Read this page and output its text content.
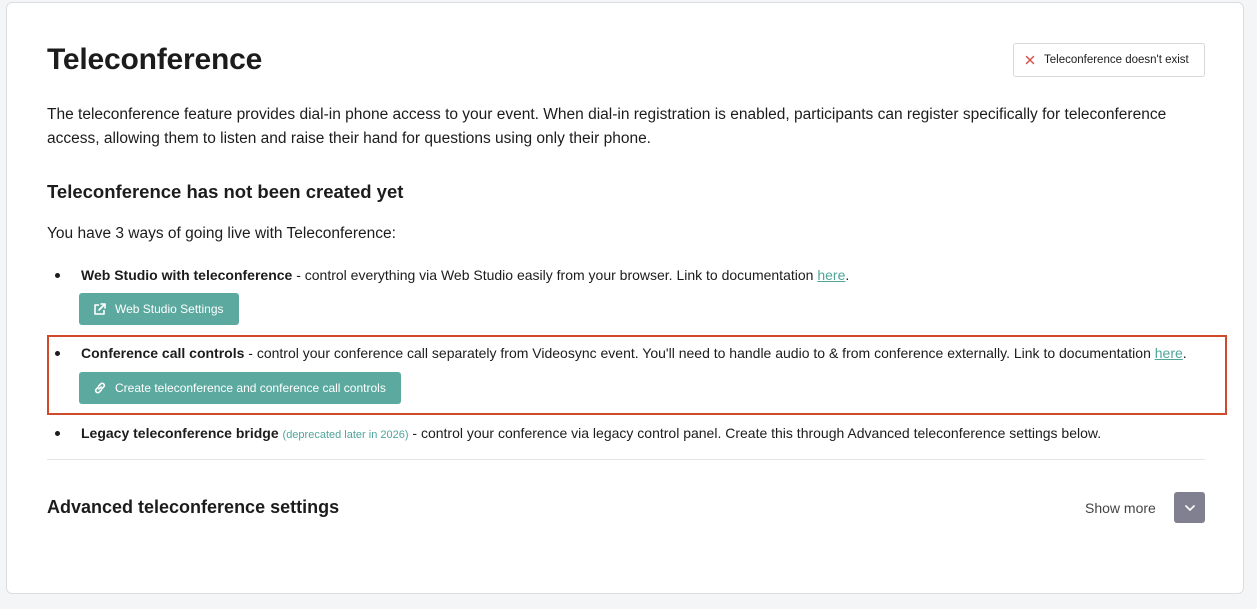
Teleconference	Teleconference doesn't exist

The teleconference feature provides dial-in phone access to your event. When dial-in registration is enabled, participants can register specifically for teleconference access, allowing them to listen and raise their hand for questions using only their phone.

Teleconference has not been created yet

You have 3 ways of going live with Teleconference:

Web Studio with teleconference - control everything via Web Studio easily from your browser. Link to documentation here.
Web Studio Settings
Conference call controls - control your conference call separately from Videosync event. You'll need to handle audio to & from conference externally. Link to documentation here.
Create teleconference and conference call controls
Legacy teleconference bridge (deprecated later in 2026) - control your conference via legacy control panel. Create this through Advanced teleconference settings below.
Advanced teleconference settings	Show more
